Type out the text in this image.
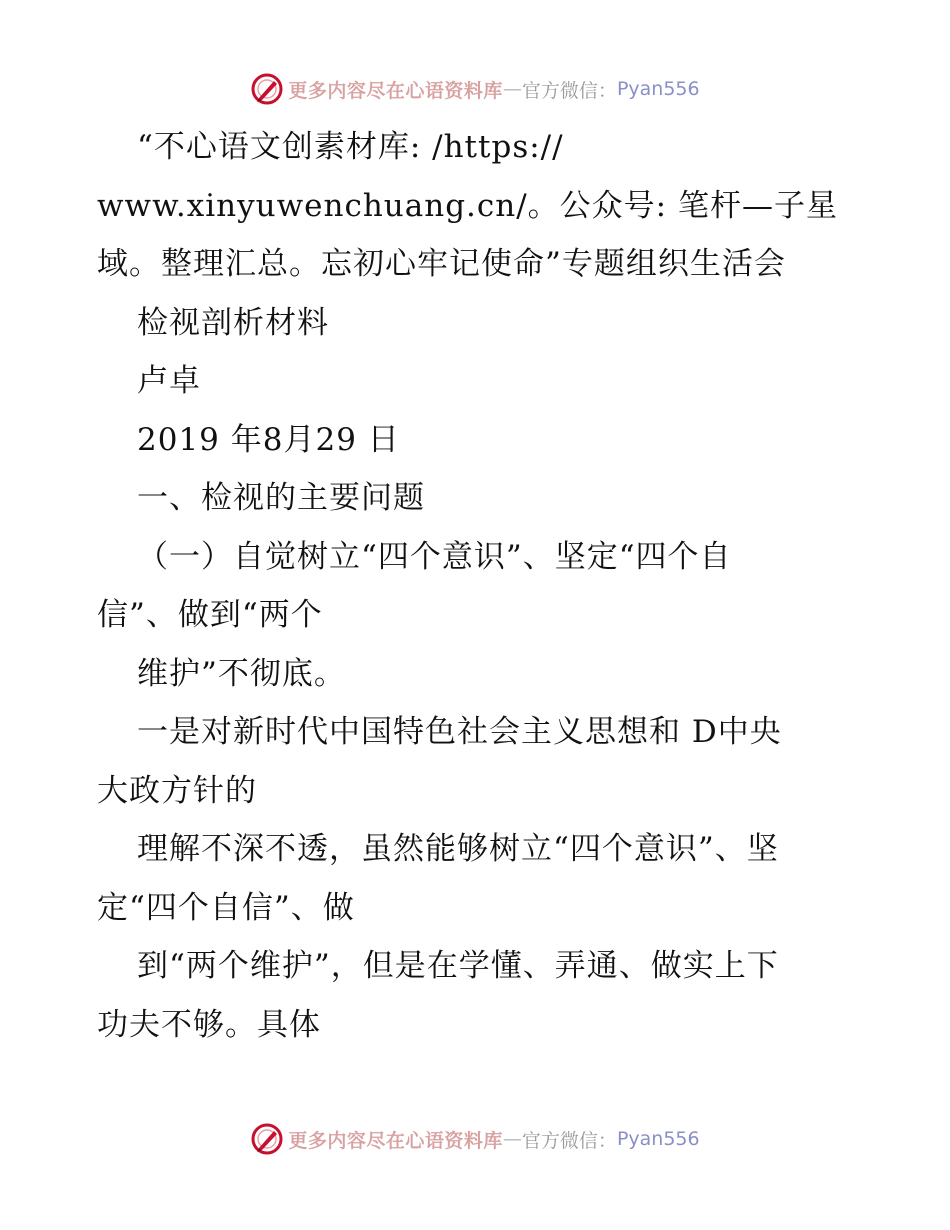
更多内容尽在心语资料库 — 官方微信： Pyan556

“不心语文创素材库: /https://

www.xinyuwenchuang.cn/。公众号: 笔杆—子星

域。整理汇总。忘初心牢记使命”专题组织生活会

检视剖析材料

卢卓

2019 年8月29 日

一、检视的主要问题

（一）自觉树立“四个意识”、坚定“四个自

信”、做到“两个

维护”不彻底。

一是对新时代中国特色社会主义思想和 D中央

大政方针的

理解不深不透，虽然能够树立“四个意识”、坚

定“四个自信”、做

到“两个维护”，但是在学懂、弄通、做实上下

功夫不够。具体

更多内容尽在心语资料库 — 官方微信： Pyan556
